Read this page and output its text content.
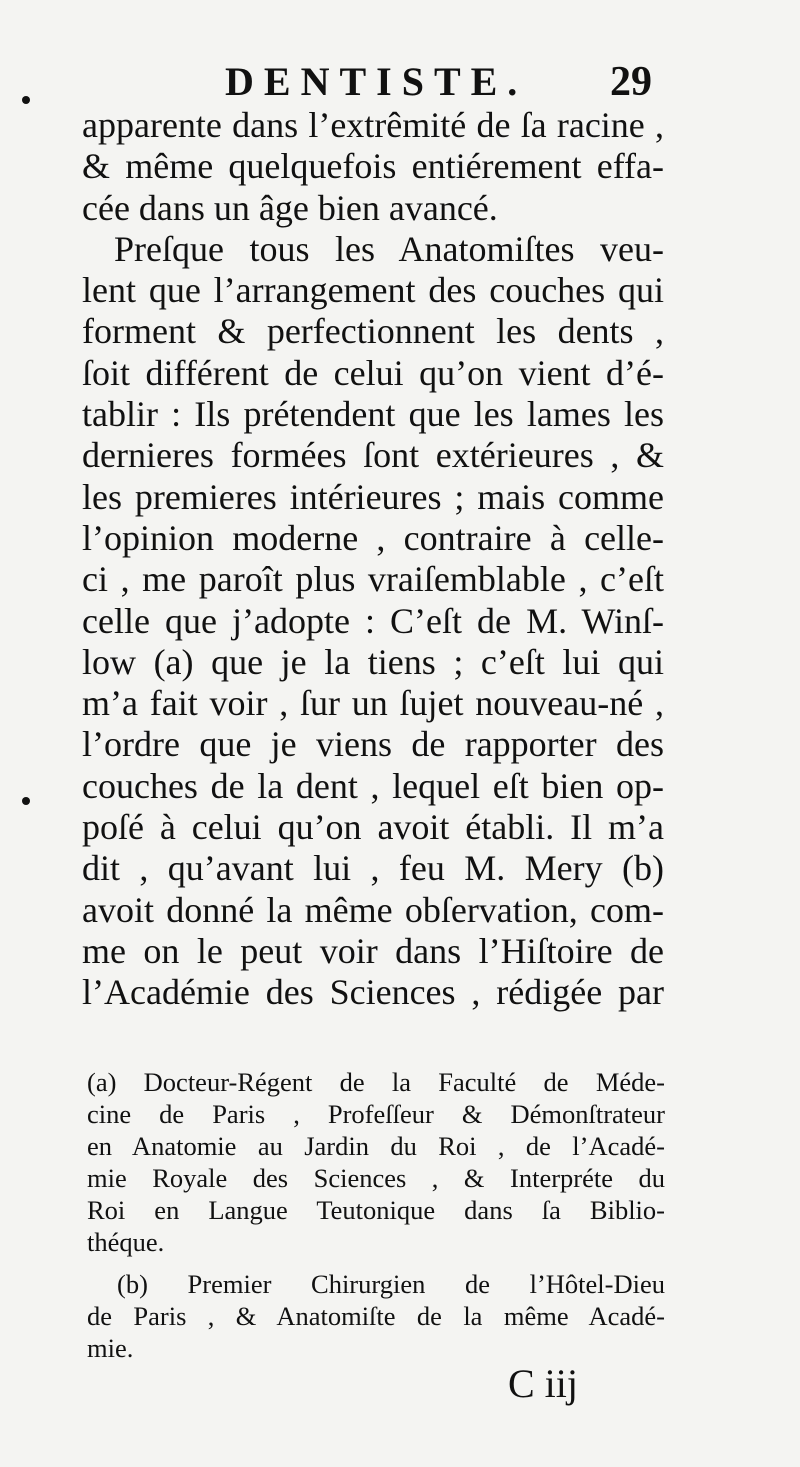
DENTISTE. 29
apparente dans l’extrêmité de ſa racine ,
& même quelquefois entiérement effa-
cée dans un âge bien avancé.
Preſque tous les Anatomiſtes veu-
lent que l’arrangement des couches qui
forment & perfectionnent les dents ,
ſoit différent de celui qu’on vient d’é-
tablir : Ils prétendent que les lames les
dernieres formées ſont extérieures , &
les premieres intérieures ; mais comme
l’opinion moderne , contraire à celle-
ci , me paroît plus vraiſemblable , c’eſt
celle que j’adopte : C’eſt de M. Winſ-
low (a) que je la tiens ; c’eſt lui qui
m’a fait voir , ſur un ſujet nouveau-né ,
l’ordre que je viens de rapporter des
couches de la dent , lequel eſt bien op-
poſé à celui qu’on avoit établi. Il m’a
dit , qu’avant lui , feu M. Mery (b)
avoit donné la même obſervation, com-
me on le peut voir dans l’Hiſtoire de
l’Académie des Sciences , rédigée par
(a) Docteur-Régent de la Faculté de Méde-
cine de Paris , Profeſſeur & Démonſtrateur
en Anatomie au Jardin du Roi , de l’Acadé-
mie Royale des Sciences , & Interpréte du
Roi en Langue Teutonique dans ſa Biblio-
théque.
(b) Premier Chirurgien de l’Hôtel-Dieu
de Paris , & Anatomiſte de la même Acadé-
mie.
C iij
